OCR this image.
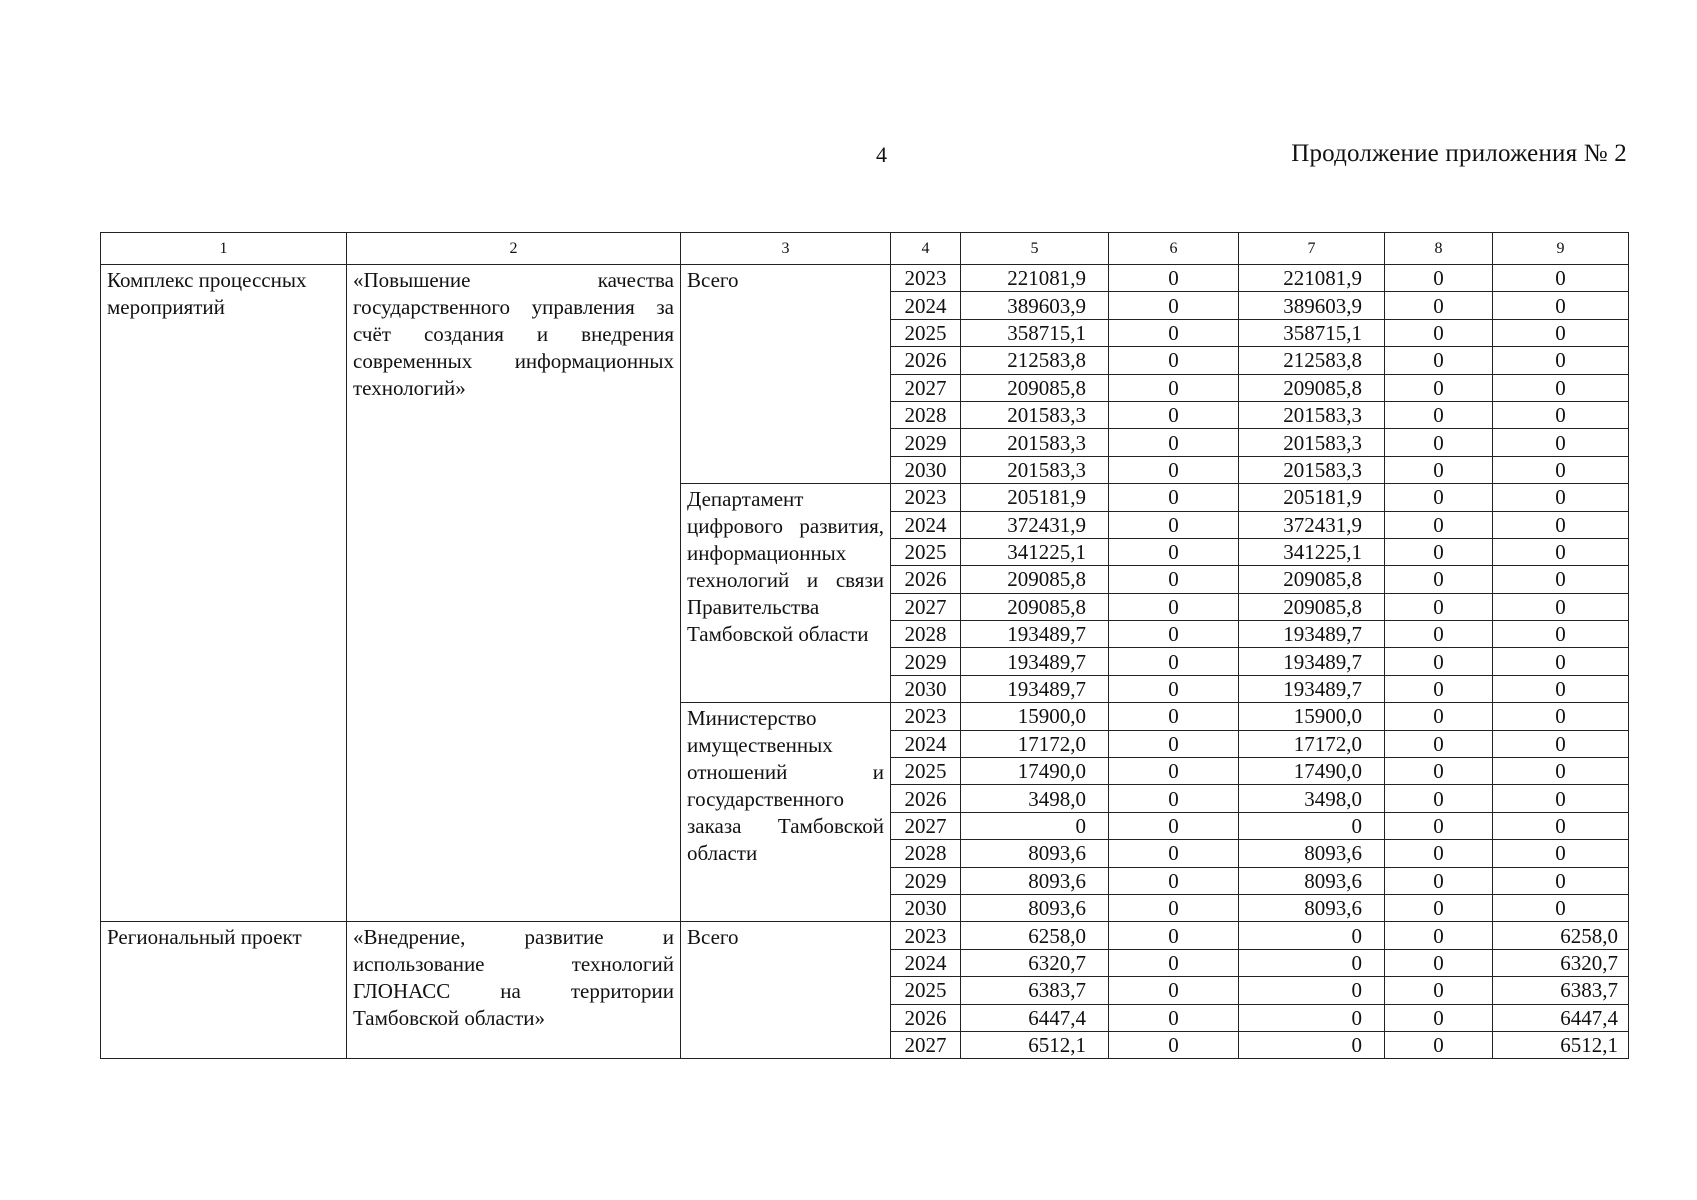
4	Продолжение приложения № 2
1	2	3	4	5	6	7	8	9
Комплекс процессных мероприятий	«Повышение качества государственного управления за счёт создания и внедрения современных информационных технологий»	Всего	2023	221081,9	0	221081,9	0	0
			2024	389603,9	0	389603,9	0	0
			2025	358715,1	0	358715,1	0	0
			2026	212583,8	0	212583,8	0	0
			2027	209085,8	0	209085,8	0	0
			2028	201583,3	0	201583,3	0	0
			2029	201583,3	0	201583,3	0	0
			2030	201583,3	0	201583,3	0	0
		Департамент цифрового развития, информационных технологий и связи Правительства Тамбовской области	2023	205181,9	0	205181,9	0	0
			2024	372431,9	0	372431,9	0	0
			2025	341225,1	0	341225,1	0	0
			2026	209085,8	0	209085,8	0	0
			2027	209085,8	0	209085,8	0	0
			2028	193489,7	0	193489,7	0	0
			2029	193489,7	0	193489,7	0	0
			2030	193489,7	0	193489,7	0	0
		Министерство имущественных отношений и государственного заказа Тамбовской области	2023	15900,0	0	15900,0	0	0
			2024	17172,0	0	17172,0	0	0
			2025	17490,0	0	17490,0	0	0
			2026	3498,0	0	3498,0	0	0
			2027	0	0	0	0	0
			2028	8093,6	0	8093,6	0	0
			2029	8093,6	0	8093,6	0	0
			2030	8093,6	0	8093,6	0	0
Региональный проект	«Внедрение, развитие и использование технологий ГЛОНАСС на территории Тамбовской области»	Всего	2023	6258,0	0	0	0	6258,0
			2024	6320,7	0	0	0	6320,7
			2025	6383,7	0	0	0	6383,7
			2026	6447,4	0	0	0	6447,4
			2027	6512,1	0	0	0	6512,1
